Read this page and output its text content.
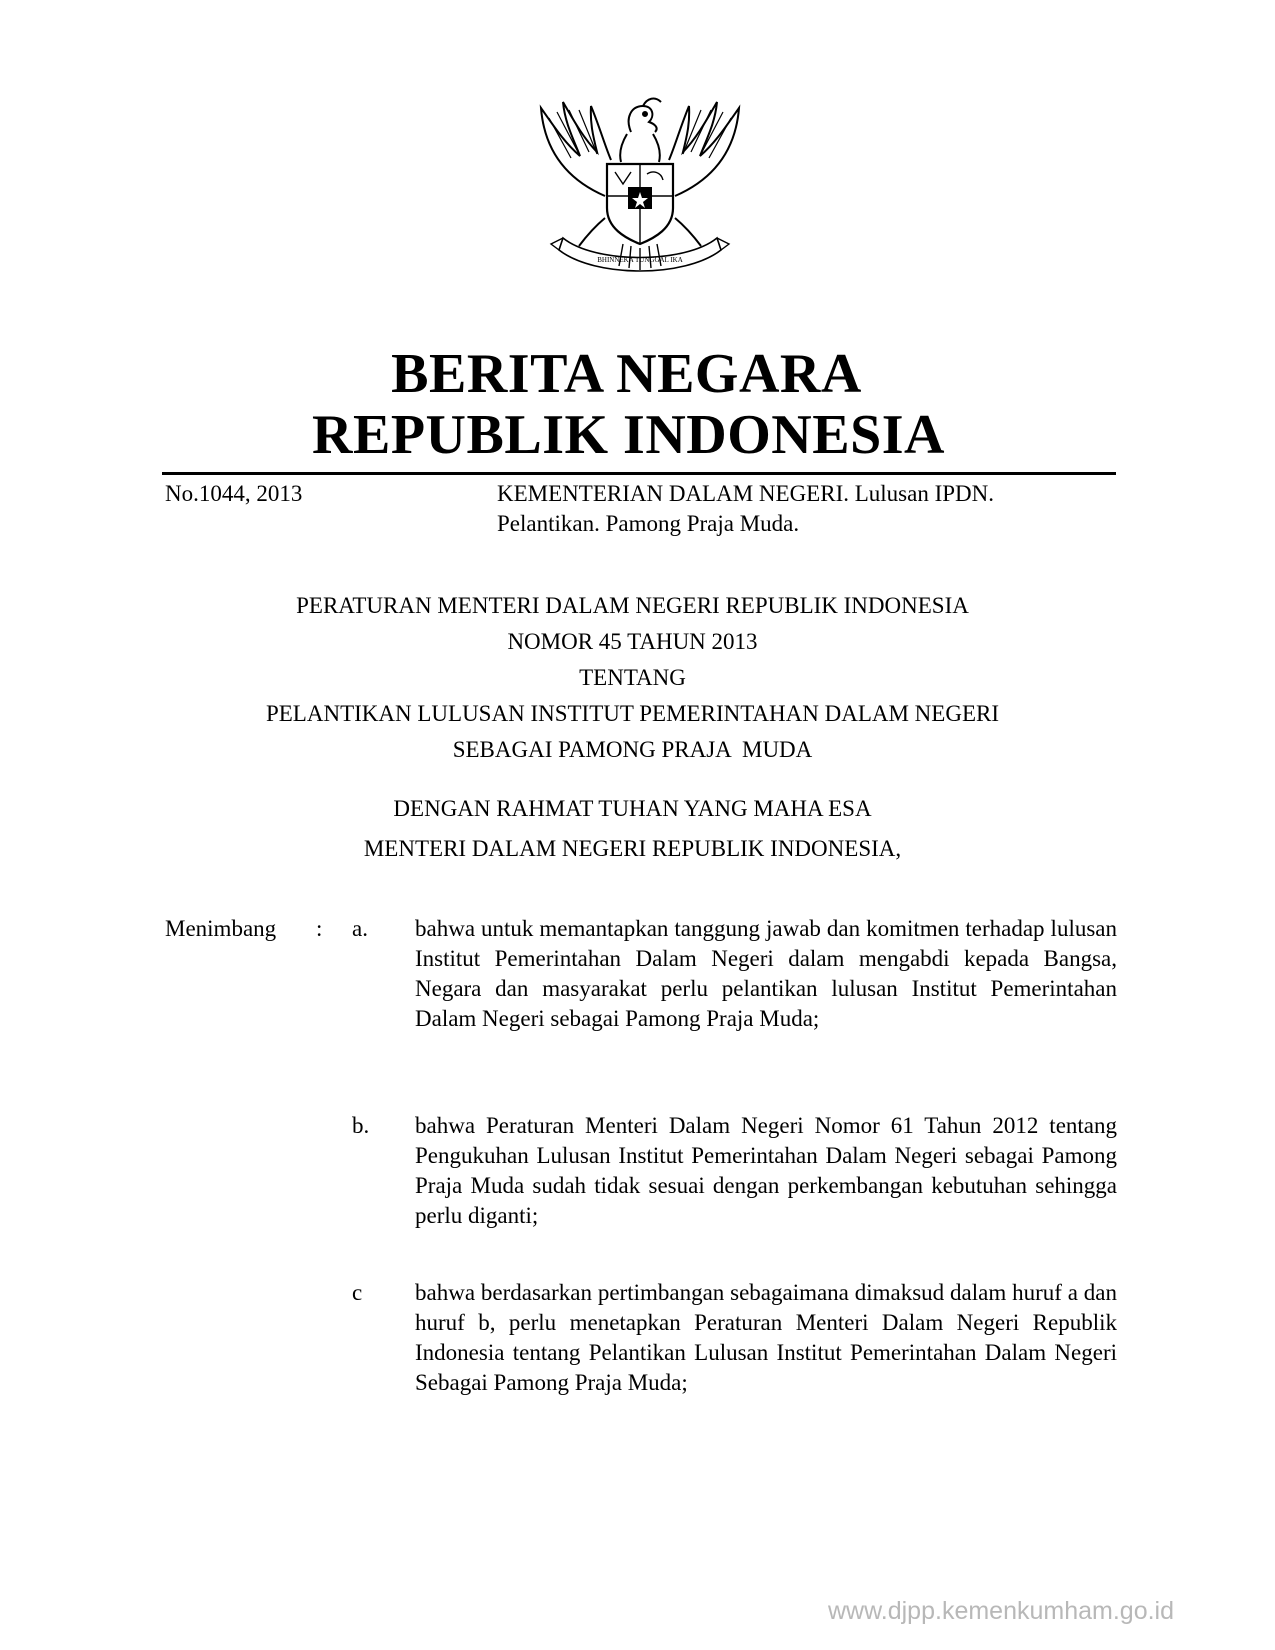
BHINNEKA TUNGGAL IKA
BERITA NEGARA
REPUBLIK INDONESIA
No.1044, 2013	KEMENTERIAN DALAM NEGERI. Lulusan IPDN.
Pelantikan. Pamong Praja Muda.
PERATURAN MENTERI DALAM NEGERI REPUBLIK INDONESIA
NOMOR 45 TAHUN 2013
TENTANG
PELANTIKAN LULUSAN INSTITUT PEMERINTAHAN DALAM NEGERI
SEBAGAI PAMONG PRAJA  MUDA
DENGAN RAHMAT TUHAN YANG MAHA ESA
MENTERI DALAM NEGERI REPUBLIK INDONESIA,
Menimbang : a. bahwa untuk memantapkan tanggung jawab dan komitmen terhadap lulusan Institut Pemerintahan Dalam Negeri dalam mengabdi kepada Bangsa, Negara dan masyarakat perlu pelantikan lulusan Institut Pemerintahan Dalam Negeri sebagai Pamong Praja Muda;
b. bahwa Peraturan Menteri Dalam Negeri Nomor 61 Tahun 2012 tentang Pengukuhan Lulusan Institut Pemerintahan Dalam Negeri sebagai Pamong Praja Muda sudah tidak sesuai dengan perkembangan kebutuhan sehingga perlu diganti;
c bahwa berdasarkan pertimbangan sebagaimana dimaksud dalam huruf a dan huruf b, perlu menetapkan Peraturan Menteri Dalam Negeri Republik Indonesia tentang Pelantikan Lulusan Institut Pemerintahan Dalam Negeri Sebagai Pamong Praja Muda;
www.djpp.kemenkumham.go.id
